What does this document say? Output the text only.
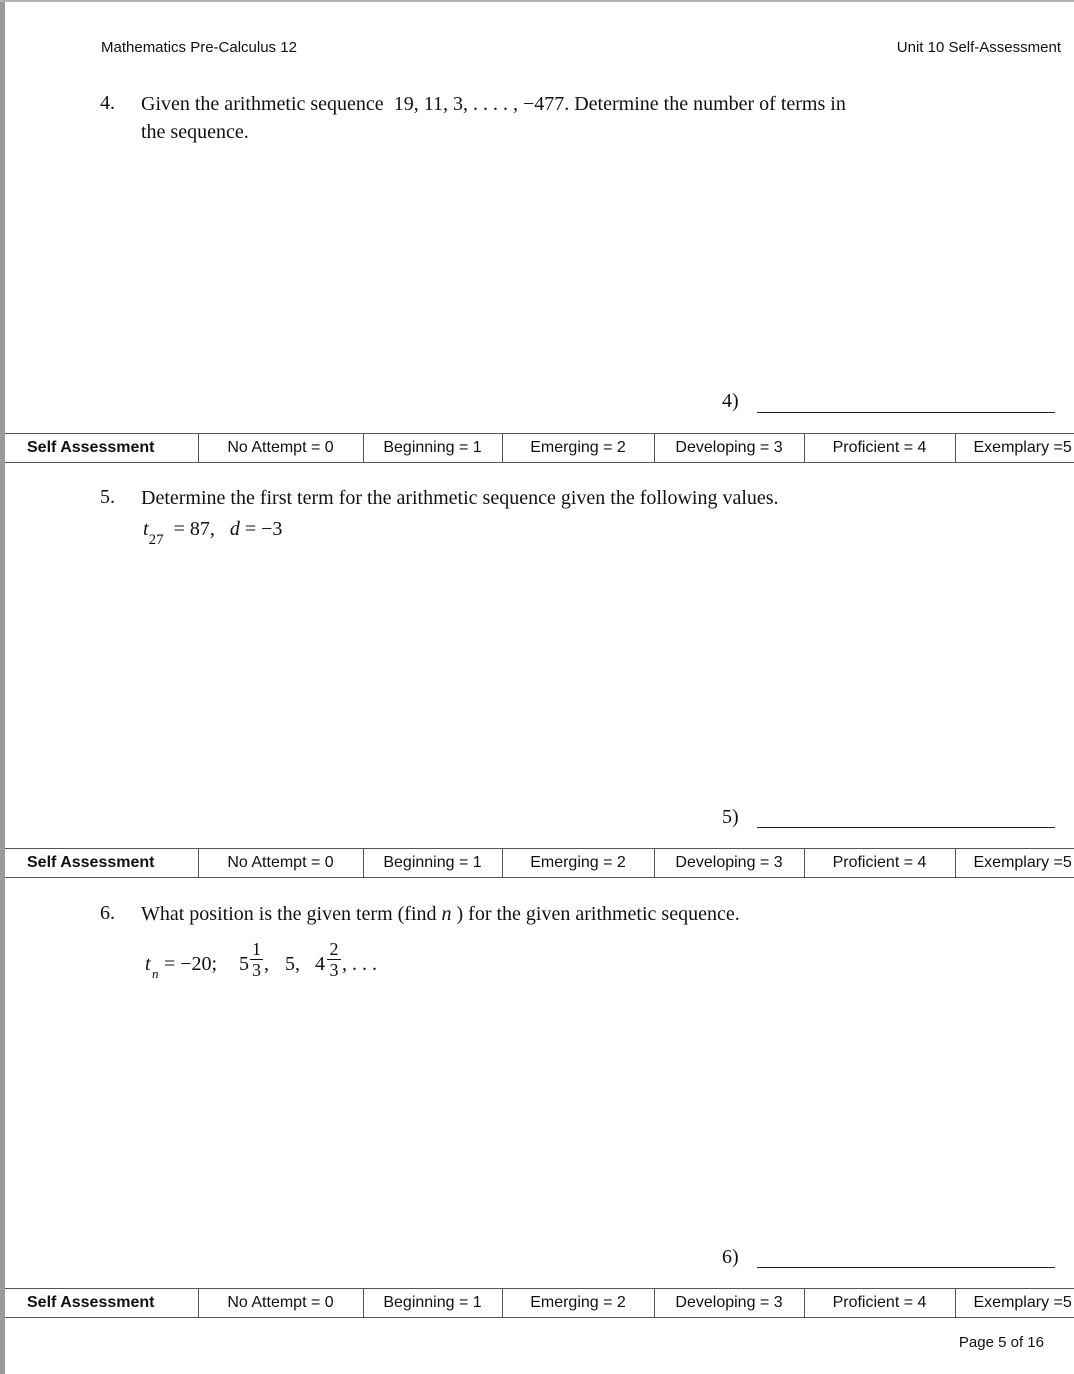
Mathematics Pre-Calculus 12	Unit 10 Self-Assessment
4. Given the arithmetic sequence 19, 11, 3, . . . . , −477. Determine the number of terms in
the sequence.
4)
Self Assessment	No Attempt = 0	Beginning = 1	Emerging = 2	Developing = 3	Proficient = 4	Exemplary =5
5. Determine the first term for the arithmetic sequence given the following values.
$t_{27} = 87$, d = −3
5)
Self Assessment	No Attempt = 0	Beginning = 1	Emerging = 2	Developing = 3	Proficient = 4	Exemplary =5
6. What position is the given term (find n ) for the given arithmetic sequence.
t n = −20; 5
1
3 , 5, 4
2
3 , . . .
6)
Self Assessment	No Attempt = 0	Beginning = 1	Emerging = 2	Developing = 3	Proficient = 4	Exemplary =5
Page 5 of 16
